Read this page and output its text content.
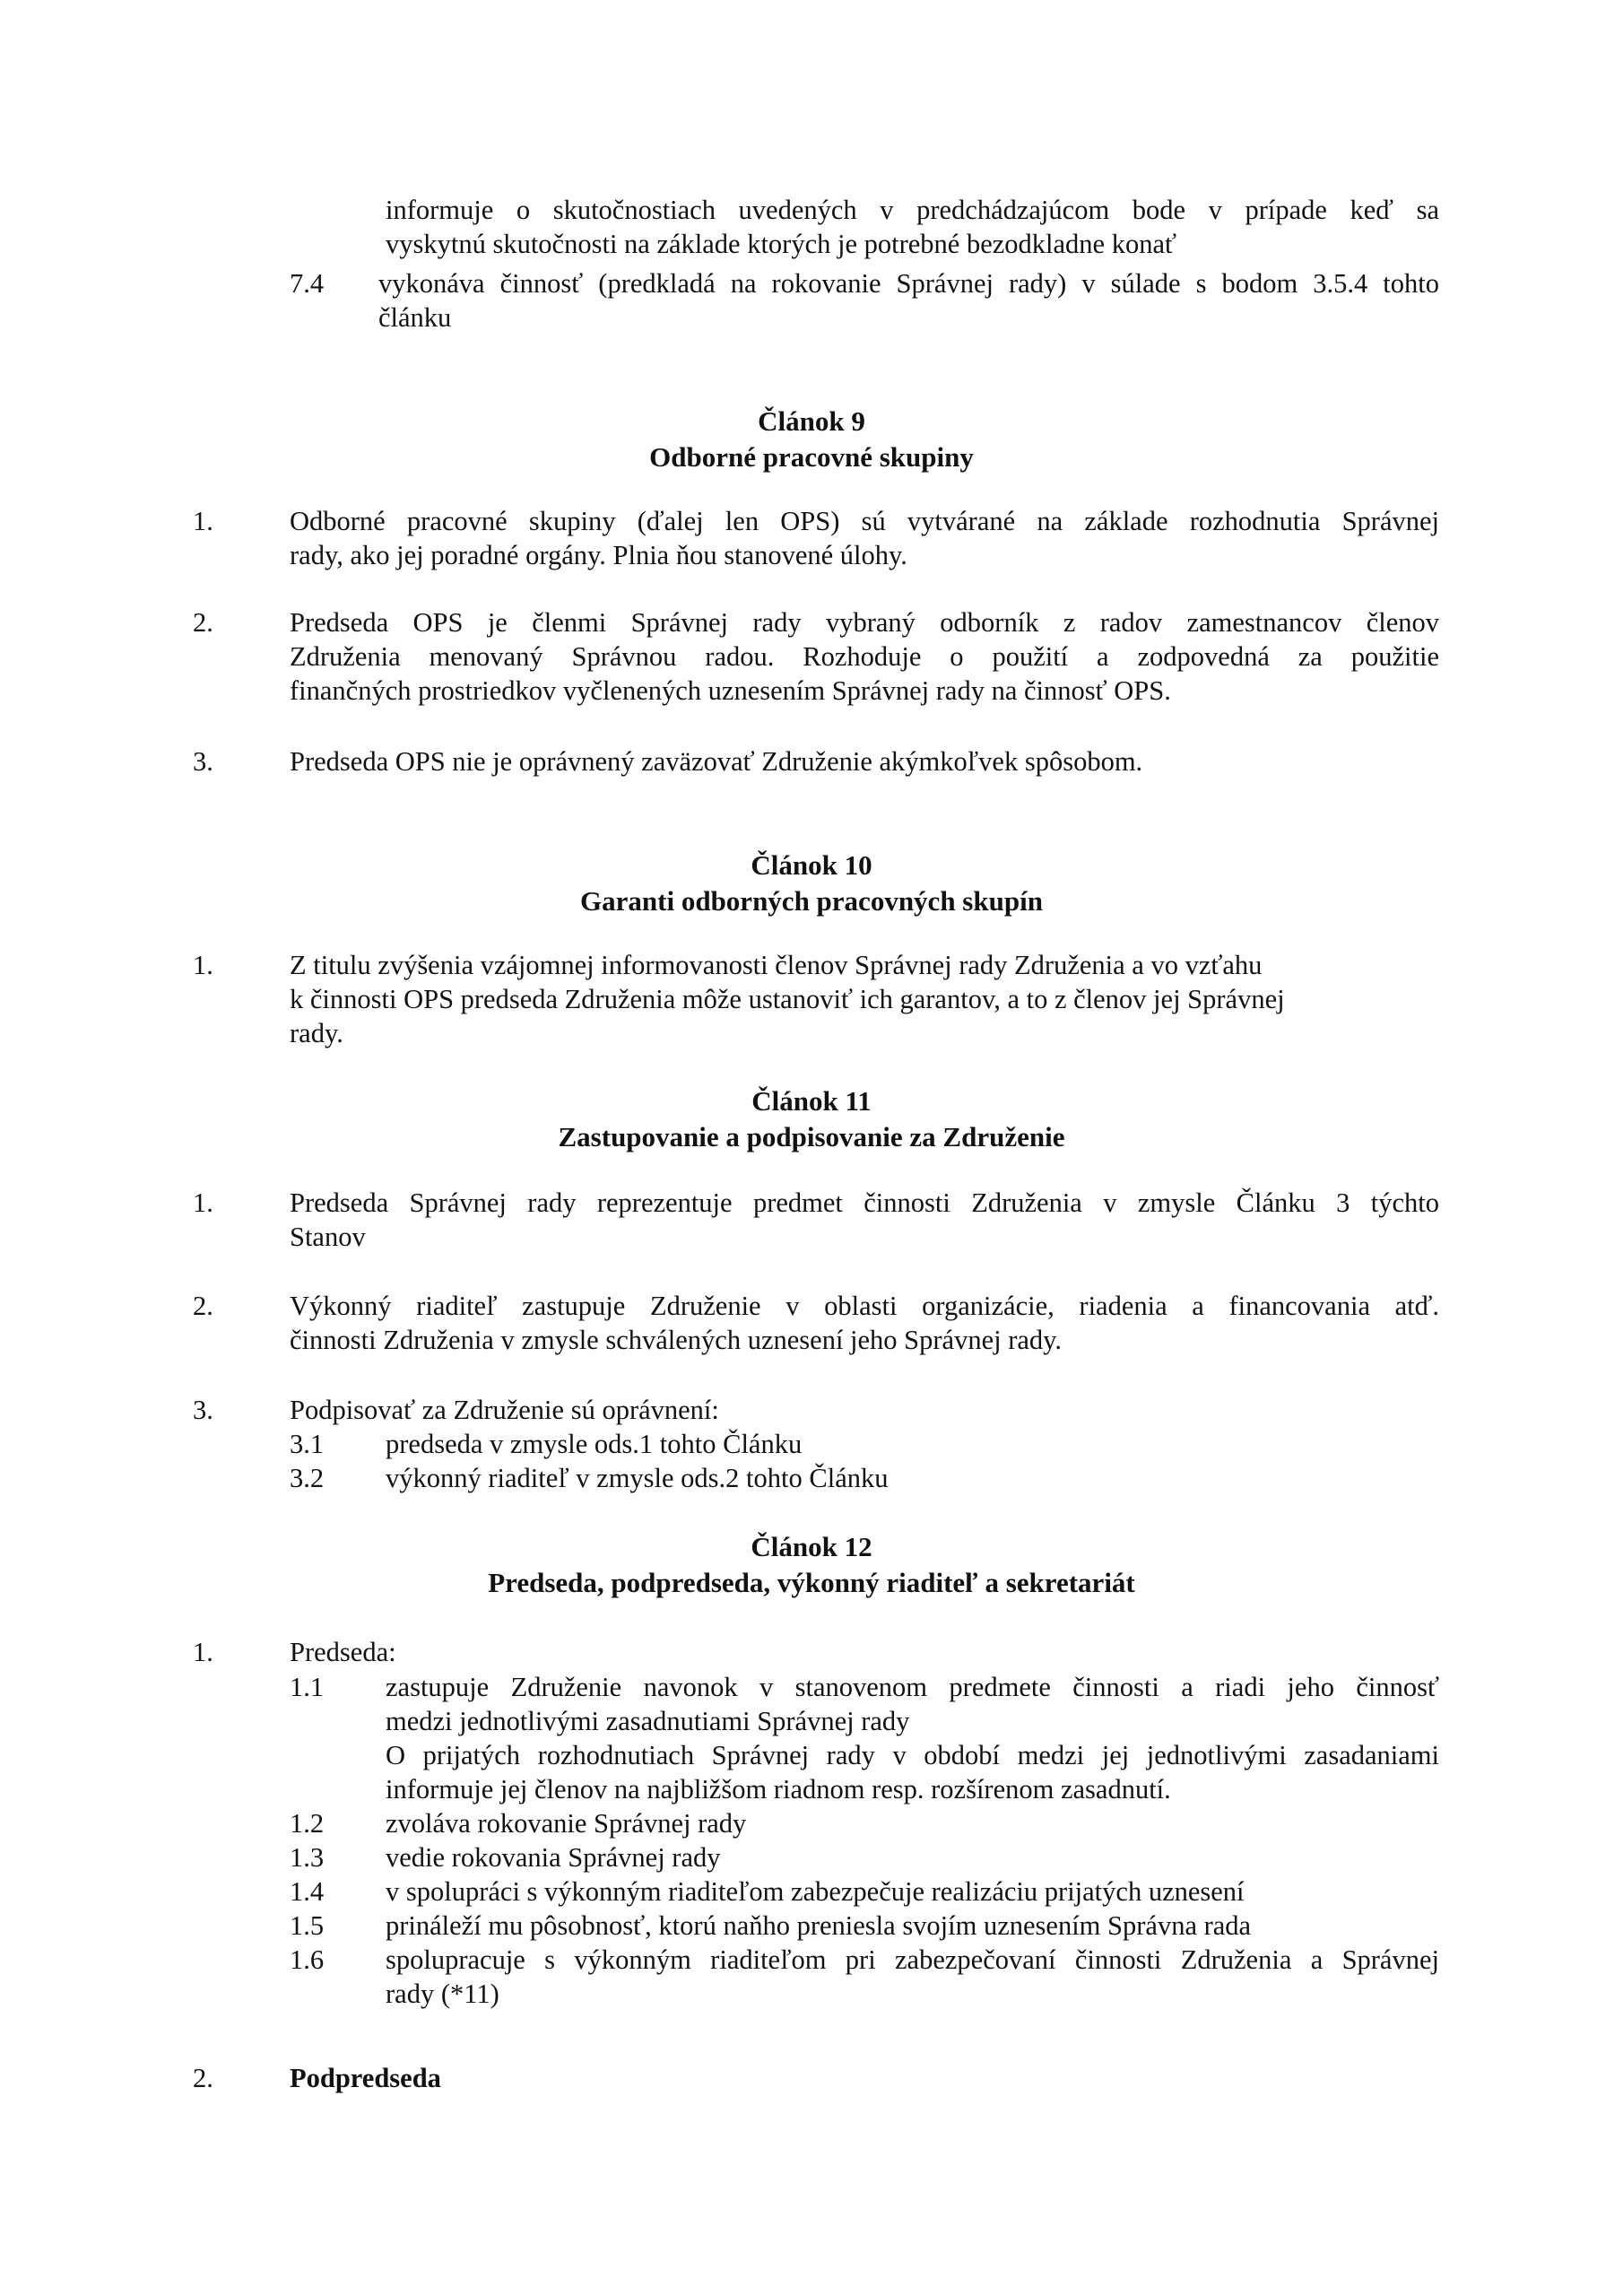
informuje o skutočnostiach uvedených v predchádzajúcom bode v prípade keď sa
vyskytnú skutočnosti na základe ktorých je potrebné bezodkladne konať
7.4 vykonáva činnosť (predkladá na rokovanie Správnej rady) v súlade s bodom 3.5.4 tohto
článku
Článok 9
Odborné pracovné skupiny
1.	Odborné pracovné skupiny (ďalej len OPS) sú vytvárané na základe rozhodnutia Správnej
rady, ako jej poradné orgány. Plnia ňou stanovené úlohy.
2.	Predseda OPS je členmi Správnej rady vybraný odborník z radov zamestnancov členov
Združenia menovaný Správnou radou. Rozhoduje o použití a zodpovedná za použitie
finančných prostriedkov vyčlenených uznesením Správnej rady na činnosť OPS.
3.	Predseda OPS nie je oprávnený zaväzovať Združenie akýmkoľvek spôsobom.
Článok 10
Garanti odborných pracovných skupín
1.	Z titulu zvýšenia vzájomnej informovanosti členov Správnej rady Združenia a vo vzťahu
k činnosti OPS predseda Združenia môže ustanoviť ich garantov, a to z členov jej Správnej
rady.
Článok 11
Zastupovanie a podpisovanie za Združenie
1.	Predseda Správnej rady reprezentuje predmet činnosti Združenia v zmysle Článku 3 týchto
Stanov
2.	Výkonný riaditeľ zastupuje Združenie v oblasti organizácie, riadenia a financovania atď.
činnosti Združenia v zmysle schválených uznesení jeho Správnej rady.
3.	Podpisovať za Združenie sú oprávnení:
3.1 predseda v zmysle ods.1 tohto Článku
3.2 výkonný riaditeľ v zmysle ods.2 tohto Článku
Článok 12
Predseda, podpredseda, výkonný riaditeľ a sekretariát
1.	Predseda:
1.1 zastupuje Združenie navonok v stanovenom predmete činnosti a riadi jeho činnosť
medzi jednotlivými zasadnutiami Správnej rady
O prijatých rozhodnutiach Správnej rady v období medzi jej jednotlivými zasadaniami
informuje jej členov na najbližšom riadnom resp. rozšírenom zasadnutí.
1.2 zvoláva rokovanie Správnej rady
1.3 vedie rokovania Správnej rady
1.4 v spolupráci s výkonným riaditeľom zabezpečuje realizáciu prijatých uznesení
1.5 prináleží mu pôsobnosť, ktorú naňho preniesla svojím uznesením Správna rada
1.6 spolupracuje s výkonným riaditeľom pri zabezpečovaní činnosti Združenia a Správnej
rady (*11)
2.	Podpredseda
